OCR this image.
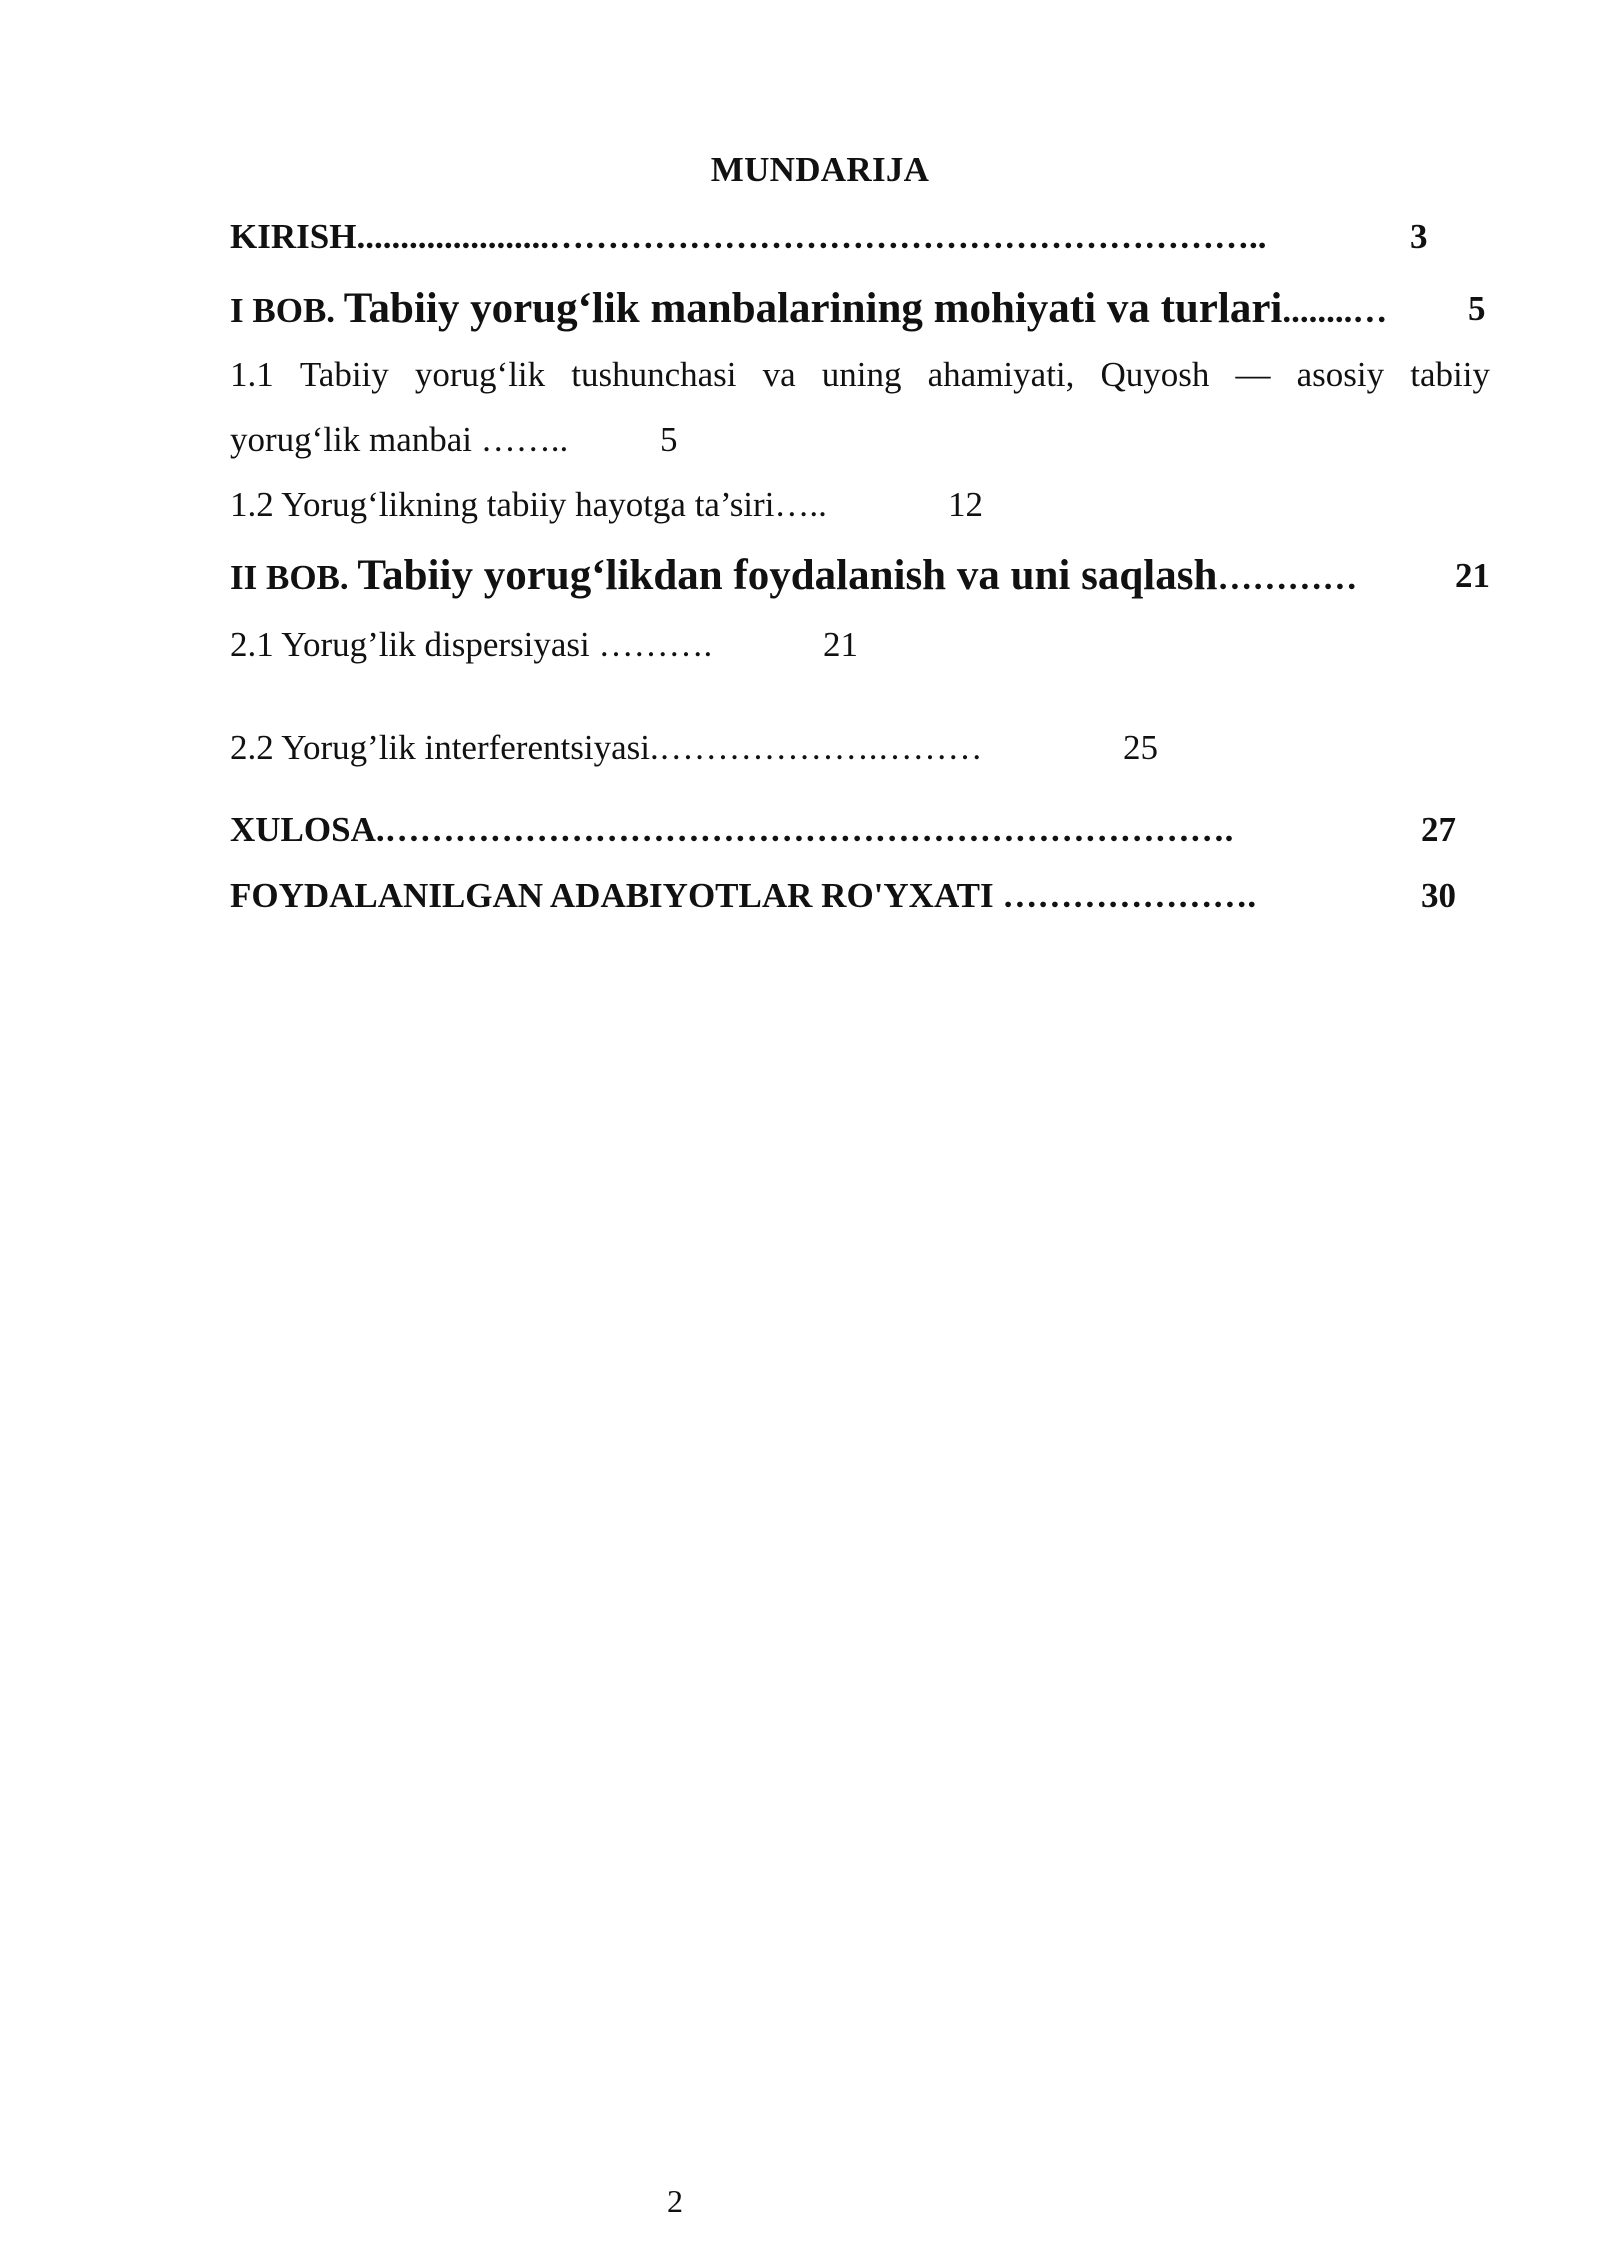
MUNDARIJA
KIRISH......................……………………………………………………..	3
I BOB. Tabiiy yorug‘lik manbalarining mohiyati va turlari........… 5
1.1 Tabiiy yorug‘lik tushunchasi va uning ahamiyati, Quyosh — asosiy tabiiy
yorug‘lik manbai ……..	5
1.2 Yorug‘likning tabiiy hayotga ta’siri…..	12
II BOB. Tabiiy yorug‘likdan foydalanish va uni saqlash…………	21
2.1 Yorug’lik dispersiyasi ……….	21
2.2 Yorug’lik interferentsiyasi.……………….………	25
XULOSA.……………………………………………………………….	27
FOYDALANILGAN ADABIYOTLAR RO'YXATI ………………….	30
2
